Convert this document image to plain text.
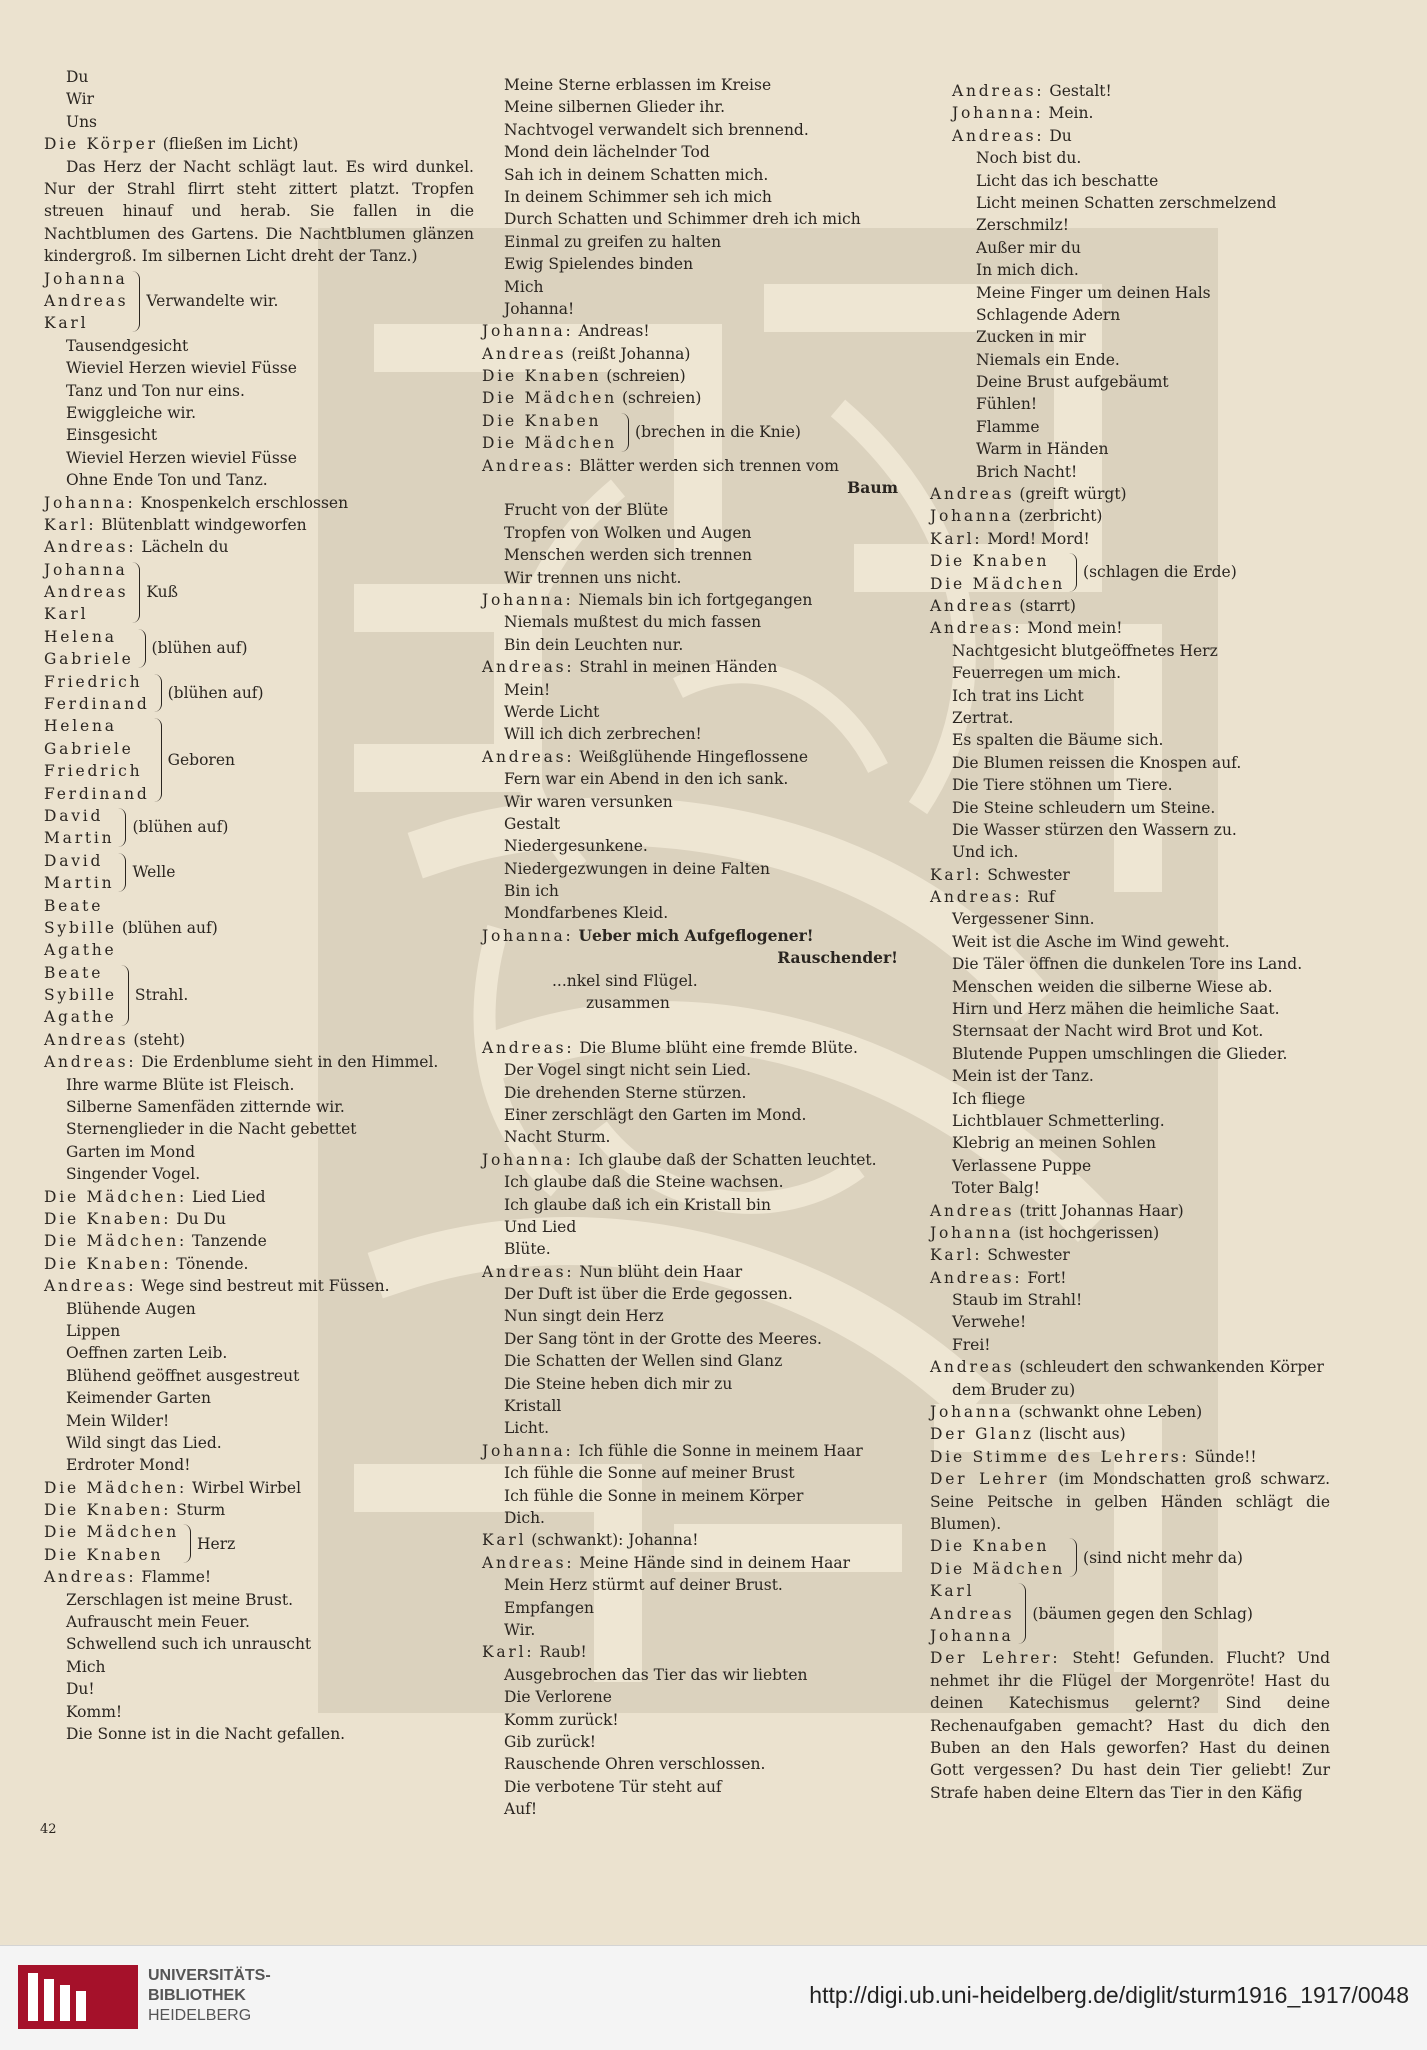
Du
Wir
Uns
Die Körper (fließen im Licht)
Das Herz der Nacht schlägt laut. Es wird dunkel. Nur der Strahl flirrt steht zittert platzt. Tropfen streuen hinauf und herab. Sie fallen in die Nachtblumen des Gartens. Die Nachtblumen glänzen kindergroß. Im silbernen Licht dreht der Tanz.)
Johanna
Andreas
Karl
Verwandelte wir.
Tausendgesicht
Wieviel Herzen wieviel Füsse
Tanz und Ton nur eins.
Ewiggleiche wir.
Einsgesicht
Wieviel Herzen wieviel Füsse
Ohne Ende Ton und Tanz.
Johanna: Knospenkelch erschlossen
Karl: Blütenblatt windgeworfen
Andreas: Lächeln du
Johanna
Andreas
Karl
Kuß
Helena
Gabriele
(blühen auf)
Friedrich
Ferdinand
(blühen auf)
Helena
Gabriele
Friedrich
Ferdinand
Geboren
David
Martin
(blühen auf)
David
Martin
Welle
Beate
Sybille (blühen auf)
Agathe
Beate
Sybille
Agathe
Strahl.
Andreas (steht)
Andreas: Die Erdenblume sieht in den Himmel.
Ihre warme Blüte ist Fleisch.
Silberne Samenfäden zitternde wir.
Sternenglieder in die Nacht gebettet
Garten im Mond
Singender Vogel.
Die Mädchen: Lied Lied
Die Knaben: Du Du
Die Mädchen: Tanzende
Die Knaben: Tönende.
Andreas: Wege sind bestreut mit Füssen.
Blühende Augen
Lippen
Oeffnen zarten Leib.
Blühend geöffnet ausgestreut
Keimender Garten
Mein Wilder!
Wild singt das Lied.
Erdroter Mond!
Die Mädchen: Wirbel Wirbel
Die Knaben: Sturm
Die Mädchen
Die Knaben
Herz
Andreas: Flamme!
Zerschlagen ist meine Brust.
Aufrauscht mein Feuer.
Schwellend such ich unrauscht
Mich
Du!
Komm!
Die Sonne ist in die Nacht gefallen.
Meine Sterne erblassen im Kreise
Meine silbernen Glieder ihr.
Nachtvogel verwandelt sich brennend.
Mond dein lächelnder Tod
Sah ich in deinem Schatten mich.
In deinem Schimmer seh ich mich
Durch Schatten und Schimmer dreh ich mich
Einmal zu greifen zu halten
Ewig Spielendes binden
Mich
Johanna!
Johanna: Andreas!
Andreas (reißt Johanna)
Die Knaben (schreien)
Die Mädchen (schreien)
Die Knaben
Die Mädchen
(brechen in die Knie)
Andreas: Blätter werden sich trennen vom
Baum
Frucht von der Blüte
Tropfen von Wolken und Augen
Menschen werden sich trennen
Wir trennen uns nicht.
Johanna: Niemals bin ich fortgegangen
Niemals mußtest du mich fassen
Bin dein Leuchten nur.
Andreas: Strahl in meinen Händen
Mein!
Werde Licht
Will ich dich zerbrechen!
Andreas: Weißglühende Hingeflossene
Fern war ein Abend in den ich sank.
Wir waren versunken
Gestalt
Niedergesunkene.
Niedergezwungen in deine Falten
Bin ich
Mondfarbenes Kleid.
Johanna: Ueber mich Aufgeflogener!
Rauschender!
...nkel sind Flügel.
zusammen
Andreas: Die Blume blüht eine fremde Blüte.
Der Vogel singt nicht sein Lied.
Die drehenden Sterne stürzen.
Einer zerschlägt den Garten im Mond.
Nacht Sturm.
Johanna: Ich glaube daß der Schatten leuchtet.
Ich glaube daß die Steine wachsen.
Ich glaube daß ich ein Kristall bin
Und Lied
Blüte.
Andreas: Nun blüht dein Haar
Der Duft ist über die Erde gegossen.
Nun singt dein Herz
Der Sang tönt in der Grotte des Meeres.
Die Schatten der Wellen sind Glanz
Die Steine heben dich mir zu
Kristall
Licht.
Johanna: Ich fühle die Sonne in meinem Haar
Ich fühle die Sonne auf meiner Brust
Ich fühle die Sonne in meinem Körper
Dich.
Karl (schwankt): Johanna!
Andreas: Meine Hände sind in deinem Haar
Mein Herz stürmt auf deiner Brust.
Empfangen
Wir.
Karl: Raub!
Ausgebrochen das Tier das wir liebten
Die Verlorene
Komm zurück!
Gib zurück!
Rauschende Ohren verschlossen.
Die verbotene Tür steht auf
Auf!
Andreas: Gestalt!
Johanna: Mein.
Andreas: Du
Noch bist du.
Licht das ich beschatte
Licht meinen Schatten zerschmelzend
Zerschmilz!
Außer mir du
In mich dich.
Meine Finger um deinen Hals
Schlagende Adern
Zucken in mir
Niemals ein Ende.
Deine Brust aufgebäumt
Fühlen!
Flamme
Warm in Händen
Brich Nacht!
Andreas (greift würgt)
Johanna (zerbricht)
Karl: Mord! Mord!
Die Knaben
Die Mädchen
(schlagen die Erde)
Andreas (starrt)
Andreas: Mond mein!
Nachtgesicht blutgeöffnetes Herz
Feuerregen um mich.
Ich trat ins Licht
Zertrat.
Es spalten die Bäume sich.
Die Blumen reissen die Knospen auf.
Die Tiere stöhnen um Tiere.
Die Steine schleudern um Steine.
Die Wasser stürzen den Wassern zu.
Und ich.
Karl: Schwester
Andreas: Ruf
Vergessener Sinn.
Weit ist die Asche im Wind geweht.
Die Täler öffnen die dunkelen Tore ins Land.
Menschen weiden die silberne Wiese ab.
Hirn und Herz mähen die heimliche Saat.
Sternsaat der Nacht wird Brot und Kot.
Blutende Puppen umschlingen die Glieder.
Mein ist der Tanz.
Ich fliege
Lichtblauer Schmetterling.
Klebrig an meinen Sohlen
Verlassene Puppe
Toter Balg!
Andreas (tritt Johannas Haar)
Johanna (ist hochgerissen)
Karl: Schwester
Andreas: Fort!
Staub im Strahl!
Verwehe!
Frei!
Andreas (schleudert den schwankenden Körper
dem Bruder zu)
Johanna (schwankt ohne Leben)
Der Glanz (lischt aus)
Die Stimme des Lehrers: Sünde!!
Der Lehrer (im Mondschatten groß schwarz. Seine Peitsche in gelben Händen schlägt die Blumen).
Die Knaben
Die Mädchen
(sind nicht mehr da)
Karl
Andreas
Johanna
(bäumen gegen den Schlag)
Der Lehrer: Steht! Gefunden. Flucht? Und nehmet ihr die Flügel der Morgenröte! Hast du deinen Katechismus gelernt? Sind deine Rechenaufgaben gemacht? Hast du dich den Buben an den Hals geworfen? Hast du deinen Gott vergessen? Du hast dein Tier geliebt! Zur Strafe haben deine Eltern das Tier in den Käfig
42
UNIVERSITÄTS-
BIBLIOTHEK
HEIDELBERG
http://digi.ub.uni-heidelberg.de/diglit/sturm1916_1917/0048
